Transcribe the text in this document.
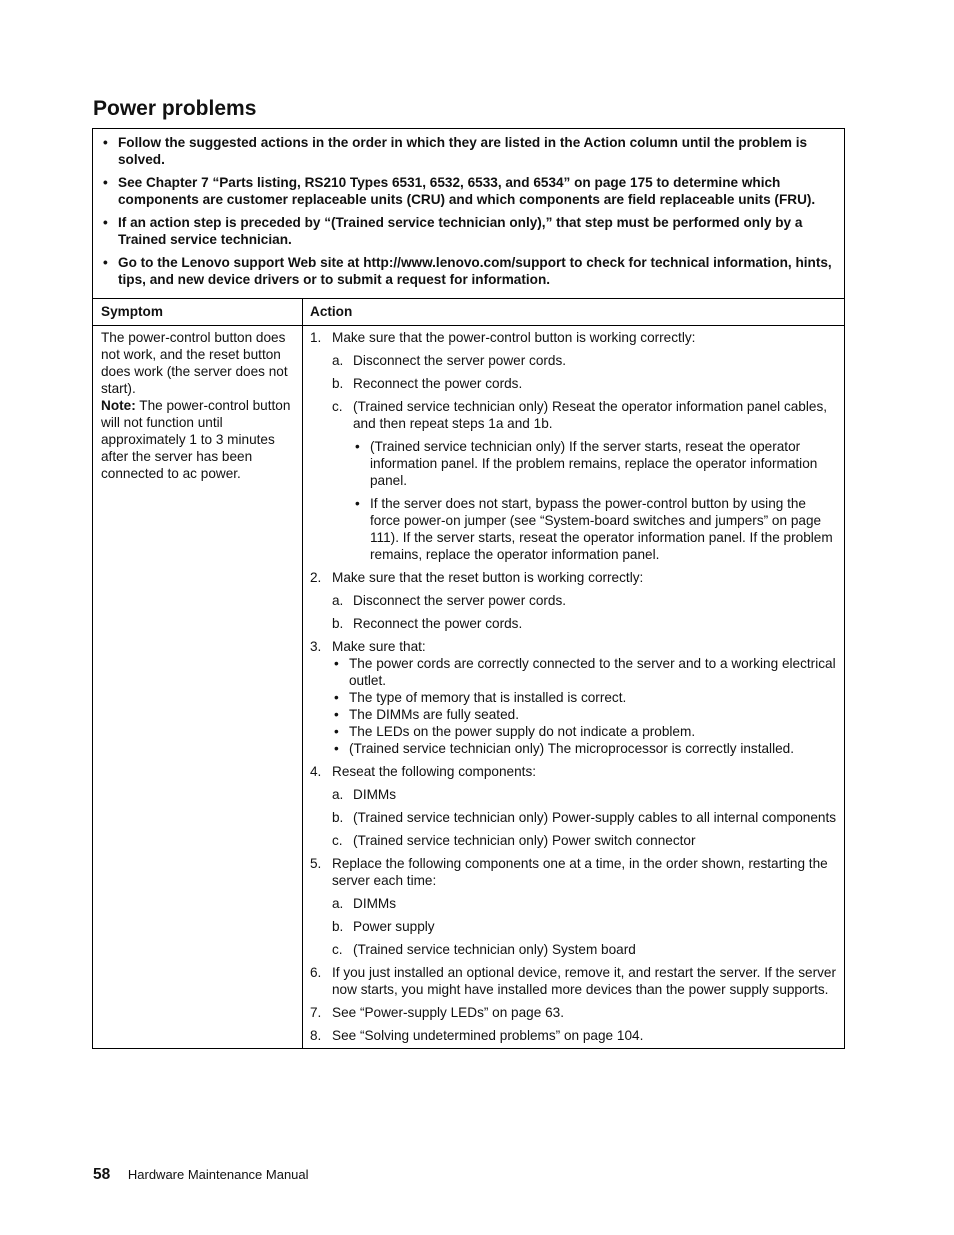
Power problems
• Follow the suggested actions in the order in which they are listed in the Action column until the problem is solved.
• See Chapter 7 “Parts listing, RS210 Types 6531, 6532, 6533, and 6534” on page 175 to determine which components are customer replaceable units (CRU) and which components are field replaceable units (FRU).
• If an action step is preceded by “(Trained service technician only),” that step must be performed only by a Trained service technician.
• Go to the Lenovo support Web site at http://www.lenovo.com/support to check for technical information, hints, tips, and new device drivers or to submit a request for information.
Symptom	Action
The power-control button does not work, and the reset button does work (the server does not start).
Note: The power-control button will not function until approximately 1 to 3 minutes after the server has been connected to ac power.
1. Make sure that the power-control button is working correctly:
a. Disconnect the server power cords.
b. Reconnect the power cords.
c. (Trained service technician only) Reseat the operator information panel cables, and then repeat steps 1a and 1b.
• (Trained service technician only) If the server starts, reseat the operator information panel. If the problem remains, replace the operator information panel.
• If the server does not start, bypass the power-control button by using the force power-on jumper (see “System-board switches and jumpers” on page 111). If the server starts, reseat the operator information panel. If the problem remains, replace the operator information panel.
2. Make sure that the reset button is working correctly:
a. Disconnect the server power cords.
b. Reconnect the power cords.
3. Make sure that:
• The power cords are correctly connected to the server and to a working electrical outlet.
• The type of memory that is installed is correct.
• The DIMMs are fully seated.
• The LEDs on the power supply do not indicate a problem.
• (Trained service technician only) The microprocessor is correctly installed.
4. Reseat the following components:
a. DIMMs
b. (Trained service technician only) Power-supply cables to all internal components
c. (Trained service technician only) Power switch connector
5. Replace the following components one at a time, in the order shown, restarting the server each time:
a. DIMMs
b. Power supply
c. (Trained service technician only) System board
6. If you just installed an optional device, remove it, and restart the server. If the server now starts, you might have installed more devices than the power supply supports.
7. See “Power-supply LEDs” on page 63.
8. See “Solving undetermined problems” on page 104.
58 Hardware Maintenance Manual
